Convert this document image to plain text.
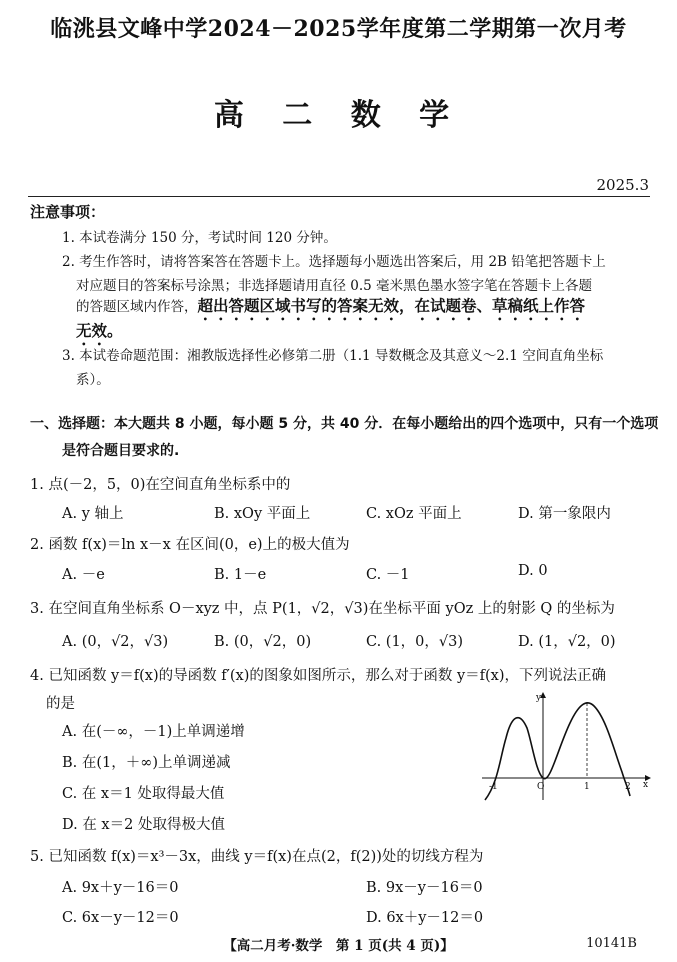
临洮县文峰中学2024－2025学年度第二学期第一次月考
高 二 数 学
2025.3
注意事项：
1. 本试卷满分 150 分，考试时间 120 分钟。
2. 考生作答时，请将答案答在答题卡上。选择题每小题选出答案后，用 2B 铅笔把答题卡上
对应题目的答案标号涂黑；非选择题请用直径 0.5 毫米黑色墨水签字笔在答题卡上各题
的答题区域内作答，超出答题区域书写的答案无效，在试题卷、草稿纸上作答
无效。
3. 本试卷命题范围：湘教版选择性必修第二册（1.1 导数概念及其意义～2.1 空间直角坐标
系）。
一、选择题：本大题共 8 小题，每小题 5 分，共 40 分．在每小题给出的四个选项中，只有一个选项
是符合题目要求的.
1. 点(－2，5，0)在空间直角坐标系中的
A. y 轴上	B. xOy 平面上	C. xOz 平面上	D. 第一象限内
2. 函数 f(x)＝ln x－x 在区间(0，e)上的极大值为
A. －e	B. 1－e	C. －1	D. 0
3. 在空间直角坐标系 O－xyz 中，点 P(1，√2，√3)在坐标平面 yOz 上的射影 Q 的坐标为
A. (0，√2，√3)	B. (0，√2，0)	C. (1，0，√3)	D. (1，√2，0)
4. 已知函数 y＝f(x)的导函数 f′(x)的图象如图所示，那么对于函数 y＝f(x)，下列说法正确
的是
A. 在(－∞，－1)上单调递增
B. 在(1，＋∞)上单调递减
C. 在 x＝1 处取得最大值
D. 在 x＝2 处取得极大值
y
x
O
-1	1	2
5. 已知函数 f(x)＝x³－3x，曲线 y＝f(x)在点(2，f(2))处的切线方程为
A. 9x＋y－16＝0	B. 9x－y－16＝0
C. 6x－y－12＝0	D. 6x＋y－12＝0
【高二月考·数学　第 1 页(共 4 页)】	10141B
